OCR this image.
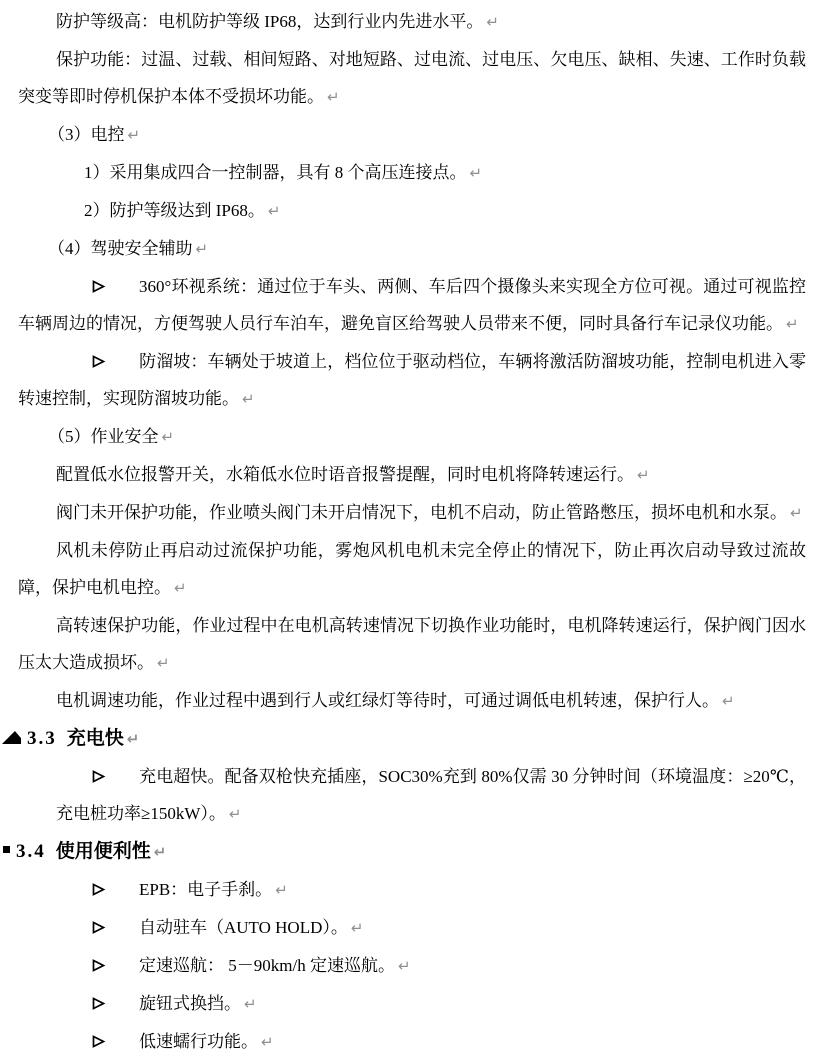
防护等级高：电机防护等级 IP68，达到行业内先进水平。 ↵

保护功能：过温、过载、相间短路、对地短路、过电流、过电压、欠电压、缺相、失速、工作时负载突变等即时停机保护本体不受损坏功能。 ↵

（3）电控 ↵

1）采用集成四合一控制器，具有 8 个高压连接点。 ↵

2）防护等级达到 IP68。 ↵

（4）驾驶安全辅助 ↵

360°环视系统：通过位于车头、两侧、车后四个摄像头来实现全方位可视。通过可视监控车辆周边的情况，方便驾驶人员行车泊车，避免盲区给驾驶人员带来不便，同时具备行车记录仪功能。 ↵

防溜坡：车辆处于坡道上，档位位于驱动档位，车辆将激活防溜坡功能，控制电机进入零转速控制，实现防溜坡功能。 ↵

（5）作业安全 ↵

配置低水位报警开关，水箱低水位时语音报警提醒，同时电机将降转速运行。 ↵

阀门未开保护功能，作业喷头阀门未开启情况下，电机不启动，防止管路憋压，损坏电机和水泵。 ↵

风机未停防止再启动过流保护功能，雾炮风机电机未完全停止的情况下，防止再次启动导致过流故障，保护电机电控。 ↵

高转速保护功能，作业过程中在电机高转速情况下切换作业功能时，电机降转速运行，保护阀门因水压太大造成损坏。 ↵

电机调速功能，作业过程中遇到行人或红绿灯等待时，可通过调低电机转速，保护行人。 ↵

3.3 充电快 ↵

充电超快。配备双枪快充插座，SOC30%充到 80%仅需 30 分钟时间（环境温度：≥20℃，充电桩功率≥150kW）。 ↵

3.4 使用便利性 ↵

EPB：电子手刹。 ↵

自动驻车（AUTO HOLD）。 ↵

定速巡航： 5－90km/h 定速巡航。 ↵

旋钮式换挡。 ↵

低速蠕行功能。 ↵
